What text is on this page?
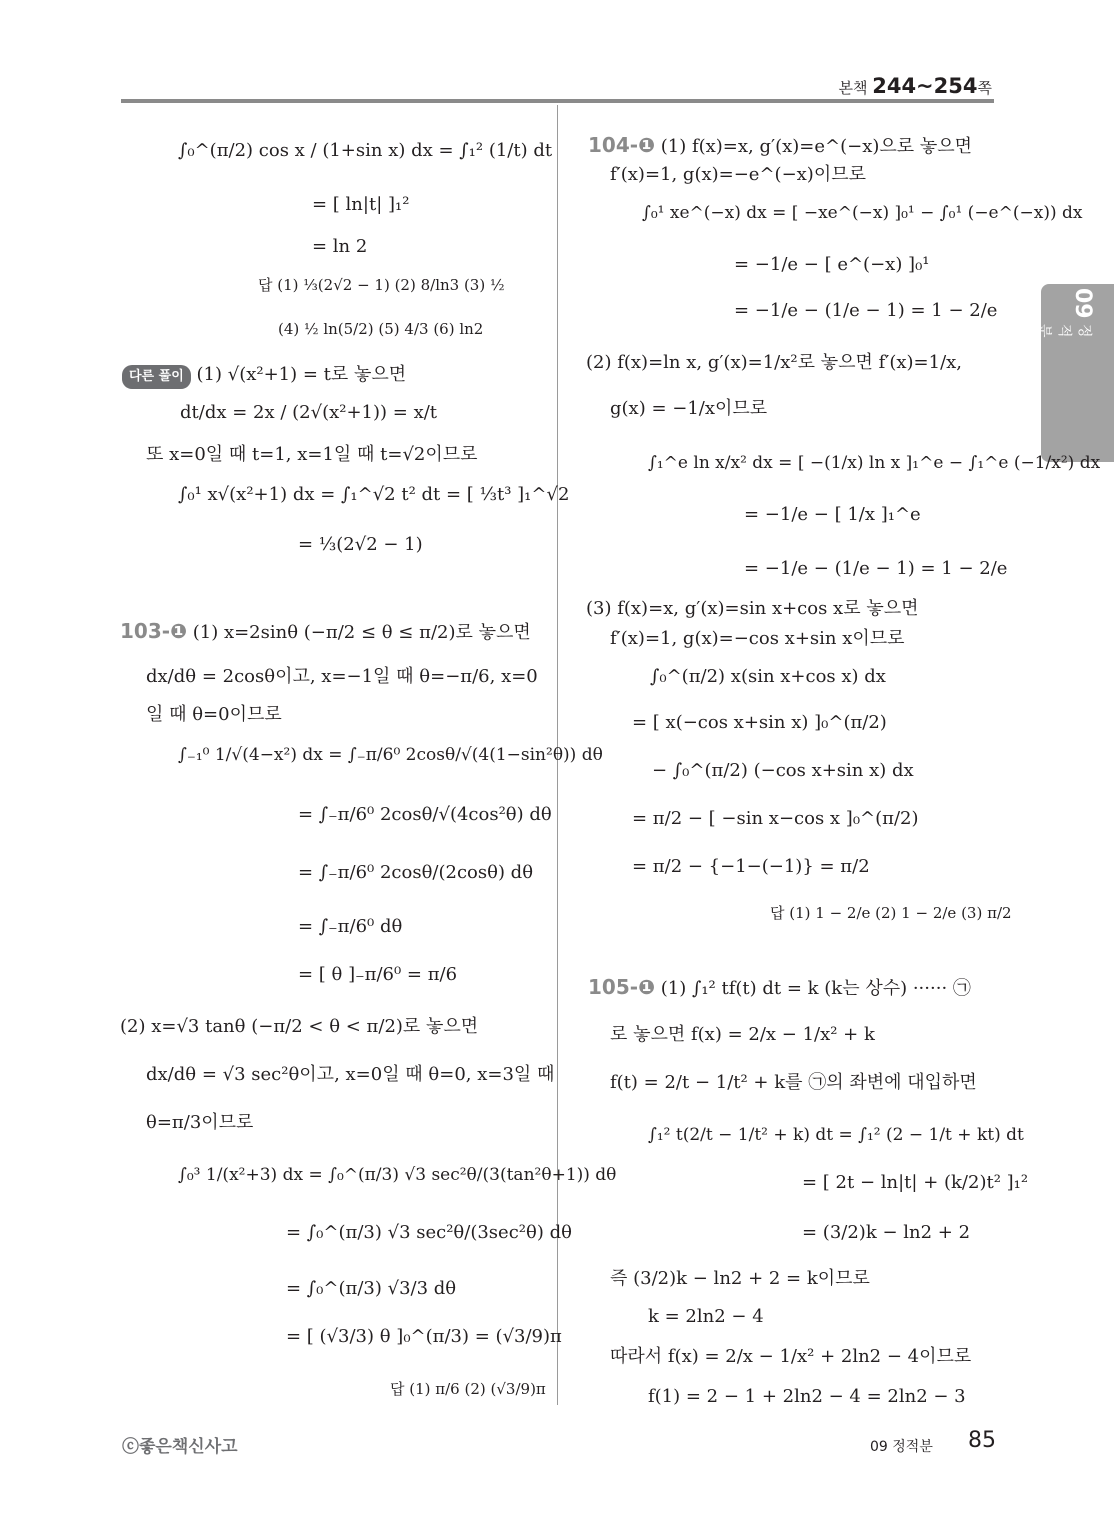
본책 244~254쪽
09
정적분
∫₀^(π/2) cos x / (1+sin x) dx = ∫₁² (1/t) dt
= [ ln|t| ]₁²
= ln 2
답 (1) ⅓(2√2 − 1) (2) 8/ln3 (3) ½
(4) ½ ln(5/2) (5) 4/3 (6) ln2
다른 풀이 (1) √(x²+1) = t로 놓으면
dt/dx = 2x / (2√(x²+1)) = x/t
또 x=0일 때 t=1, x=1일 때 t=√2이므로
∫₀¹ x√(x²+1) dx = ∫₁^√2 t² dt = [ ⅓t³ ]₁^√2
= ⅓(2√2 − 1)
103-❶ (1) x=2sinθ (−π/2 ≤ θ ≤ π/2)로 놓으면
dx/dθ = 2cosθ이고, x=−1일 때 θ=−π/6, x=0
일 때 θ=0이므로
∫₋₁⁰ 1/√(4−x²) dx = ∫₋π/6⁰ 2cosθ/√(4(1−sin²θ)) dθ
= ∫₋π/6⁰ 2cosθ/√(4cos²θ) dθ
= ∫₋π/6⁰ 2cosθ/(2cosθ) dθ
= ∫₋π/6⁰ dθ
= [ θ ]₋π/6⁰ = π/6
(2) x=√3 tanθ (−π/2 < θ < π/2)로 놓으면
dx/dθ = √3 sec²θ이고, x=0일 때 θ=0, x=3일 때
θ=π/3이므로
∫₀³ 1/(x²+3) dx = ∫₀^(π/3) √3 sec²θ/(3(tan²θ+1)) dθ
= ∫₀^(π/3) √3 sec²θ/(3sec²θ) dθ
= ∫₀^(π/3) √3/3 dθ
= [ (√3/3) θ ]₀^(π/3) = (√3/9)π
답 (1) π/6 (2) (√3/9)π
104-❶ (1) f(x)=x, g′(x)=e^(−x)으로 놓으면
f′(x)=1, g(x)=−e^(−x)이므로
∫₀¹ xe^(−x) dx = [ −xe^(−x) ]₀¹ − ∫₀¹ (−e^(−x)) dx
= −1/e − [ e^(−x) ]₀¹
= −1/e − (1/e − 1) = 1 − 2/e
(2) f(x)=ln x, g′(x)=1/x²로 놓으면 f′(x)=1/x,
g(x) = −1/x이므로
∫₁^e ln x/x² dx = [ −(1/x) ln x ]₁^e − ∫₁^e (−1/x²) dx
= −1/e − [ 1/x ]₁^e
= −1/e − (1/e − 1) = 1 − 2/e
(3) f(x)=x, g′(x)=sin x+cos x로 놓으면
f′(x)=1, g(x)=−cos x+sin x이므로
∫₀^(π/2) x(sin x+cos x) dx
= [ x(−cos x+sin x) ]₀^(π/2)
− ∫₀^(π/2) (−cos x+sin x) dx
= π/2 − [ −sin x−cos x ]₀^(π/2)
= π/2 − {−1−(−1)} = π/2
답 (1) 1 − 2/e (2) 1 − 2/e (3) π/2
105-❶ (1) ∫₁² tf(t) dt = k (k는 상수) ······ ㉠
로 놓으면 f(x) = 2/x − 1/x² + k
f(t) = 2/t − 1/t² + k를 ㉠의 좌변에 대입하면
∫₁² t(2/t − 1/t² + k) dt = ∫₁² (2 − 1/t + kt) dt
= [ 2t − ln|t| + (k/2)t² ]₁²
= (3/2)k − ln2 + 2
즉 (3/2)k − ln2 + 2 = k이므로
k = 2ln2 − 4
따라서 f(x) = 2/x − 1/x² + 2ln2 − 4이므로
f(1) = 2 − 1 + 2ln2 − 4 = 2ln2 − 3
ⓒ좋은책신사고	09 정적분 85
